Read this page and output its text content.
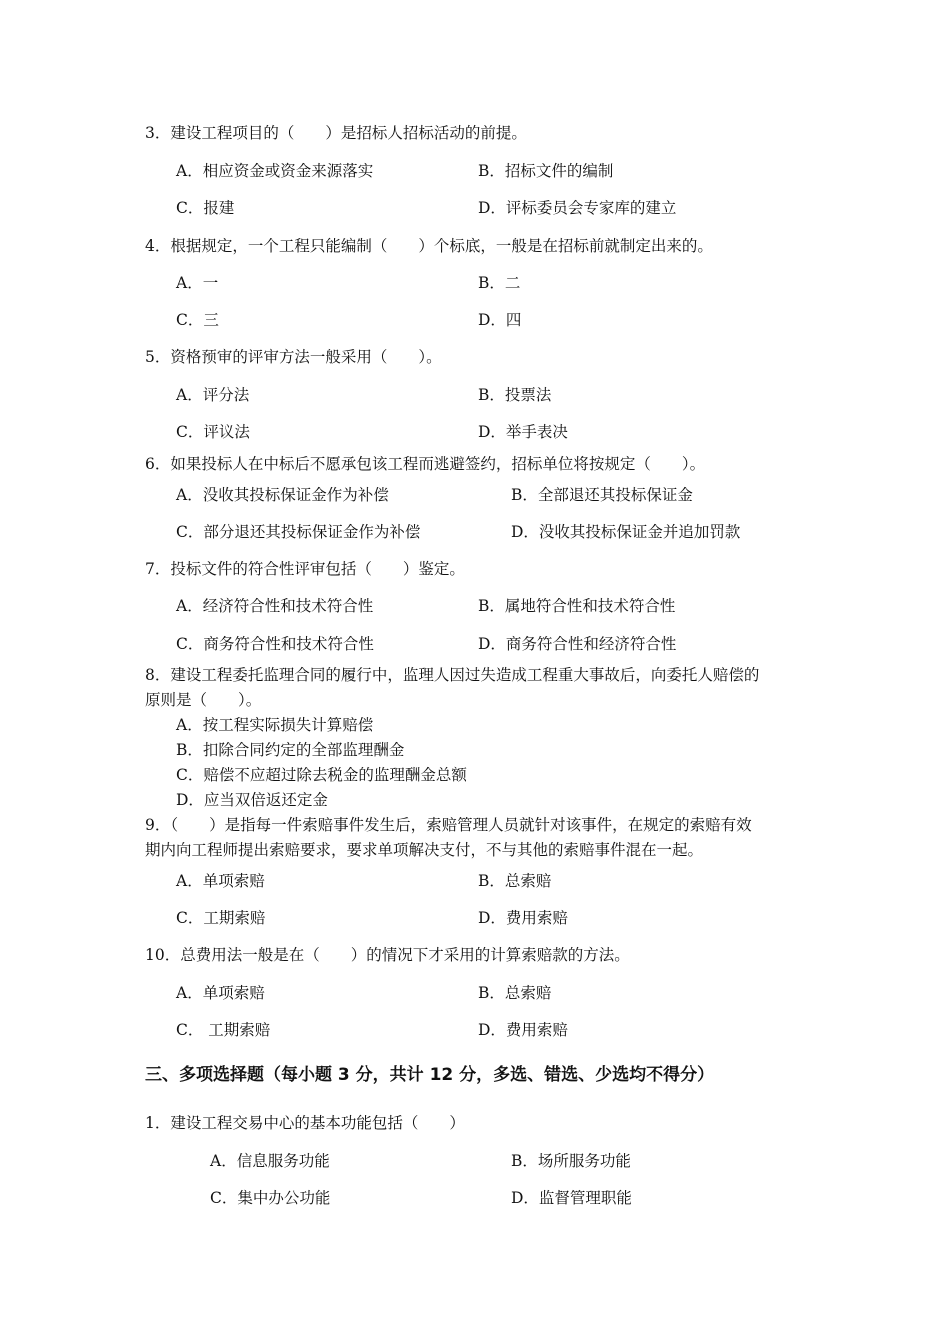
3．建设工程项目的（　　）是招标人招标活动的前提。
A．相应资金或资金来源落实	B．招标文件的编制
C．报建	D．评标委员会专家库的建立
4．根据规定，一个工程只能编制（　　）个标底，一般是在招标前就制定出来的。
A．一	B．二
C．三	D．四
5．资格预审的评审方法一般采用（　　）。
A．评分法	B．投票法
C．评议法	D．举手表决
6．如果投标人在中标后不愿承包该工程而逃避签约，招标单位将按规定（　　）。
A．没收其投标保证金作为补偿	B．全部退还其投标保证金
C．部分退还其投标保证金作为补偿	D．没收其投标保证金并追加罚款
7．投标文件的符合性评审包括（　　）鉴定。
A．经济符合性和技术符合性	B．属地符合性和技术符合性
C．商务符合性和技术符合性	D．商务符合性和经济符合性
8．建设工程委托监理合同的履行中，监理人因过失造成工程重大事故后，向委托人赔偿的
原则是（　　）。
A．按工程实际损失计算赔偿
B．扣除合同约定的全部监理酬金
C．赔偿不应超过除去税金的监理酬金总额
D．应当双倍返还定金
9．（　　）是指每一件索赔事件发生后，索赔管理人员就针对该事件，在规定的索赔有效
期内向工程师提出索赔要求，要求单项解决支付，不与其他的索赔事件混在一起。
A．单项索赔	B．总索赔
C．工期索赔	D．费用索赔
10．总费用法一般是在（　　）的情况下才采用的计算索赔款的方法。
A．单项索赔	B．总索赔
C． 工期索赔	D．费用索赔
三、多项选择题（每小题 3 分，共计 12 分，多选、错选、少选均不得分）
1．建设工程交易中心的基本功能包括（　　）
A．信息服务功能	B．场所服务功能
C．集中办公功能	D．监督管理职能
